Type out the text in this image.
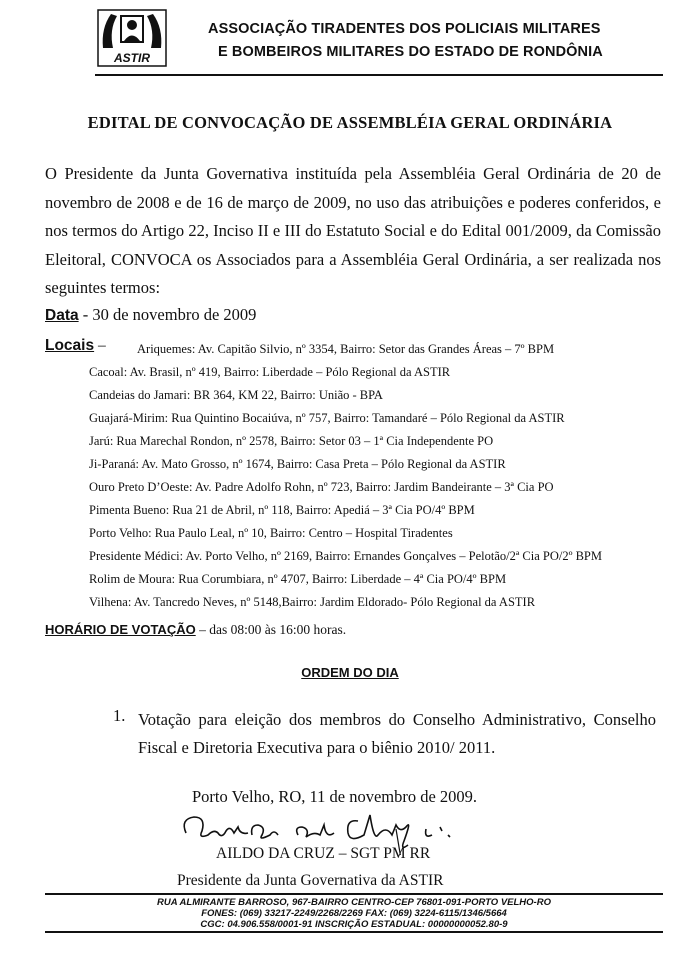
ASTIR
ASSOCIAÇÃO TIRADENTES DOS POLICIAIS MILITARES
E BOMBEIROS MILITARES DO ESTADO DE RONDÔNIA
EDITAL DE CONVOCAÇÃO DE ASSEMBLÉIA GERAL ORDINÁRIA
O Presidente da Junta Governativa instituída pela Assembléia Geral Ordinária de 20 de novembro de 2008 e de 16 de março de 2009, no uso das atribuições e poderes conferidos, e nos termos do Artigo 22, Inciso II e III do Estatuto Social e do Edital 001/2009, da Comissão Eleitoral, CONVOCA os Associados para a Assembléia Geral Ordinária, a ser realizada nos seguintes termos:
Data - 30 de novembro de 2009
Locais –	Ariquemes: Av. Capitão Silvio, nº 3354, Bairro: Setor das Grandes Áreas – 7º BPM
Cacoal: Av. Brasil, nº 419, Bairro: Liberdade – Pólo Regional da ASTIR
Candeias do Jamari: BR 364, KM 22, Bairro: União - BPA
Guajará-Mirim: Rua Quintino Bocaiúva, nº 757, Bairro: Tamandaré – Pólo Regional da ASTIR
Jarú: Rua Marechal Rondon, nº 2578, Bairro: Setor 03 – 1ª Cia Independente PO
Ji-Paraná: Av. Mato Grosso, nº 1674, Bairro: Casa Preta – Pólo Regional da ASTIR
Ouro Preto D’Oeste: Av. Padre Adolfo Rohn, nº 723, Bairro: Jardim Bandeirante – 3ª Cia PO
Pimenta Bueno: Rua 21 de Abril, nº 118, Bairro: Apediá – 3ª Cia PO/4º BPM
Porto Velho: Rua Paulo Leal, nº 10, Bairro: Centro – Hospital Tiradentes
Presidente Médici: Av. Porto Velho, nº 2169, Bairro: Ernandes Gonçalves – Pelotão/2ª Cia PO/2º BPM
Rolim de Moura: Rua Corumbiara, nº 4707, Bairro: Liberdade – 4ª Cia PO/4º BPM
Vilhena: Av. Tancredo Neves, nº 5148,Bairro: Jardim Eldorado- Pólo Regional da ASTIR
HORÁRIO DE VOTAÇÃO – das 08:00 às 16:00 horas.
ORDEM DO DIA
1. Votação para eleição dos membros do Conselho Administrativo, Conselho Fiscal e Diretoria Executiva para o biênio 2010/ 2011.
Porto Velho, RO, 11 de novembro de 2009.
AILDO DA CRUZ – SGT PM RR
Presidente da Junta Governativa da ASTIR
RUA ALMIRANTE BARROSO, 967-BAIRRO CENTRO-CEP 76801-091-PORTO VELHO-RO
FONES: (069) 33217-2249/2268/2269 FAX: (069) 3224-6115/1346/5664
CGC: 04.906.558/0001-91 INSCRIÇÃO ESTADUAL: 00000000052.80-9
